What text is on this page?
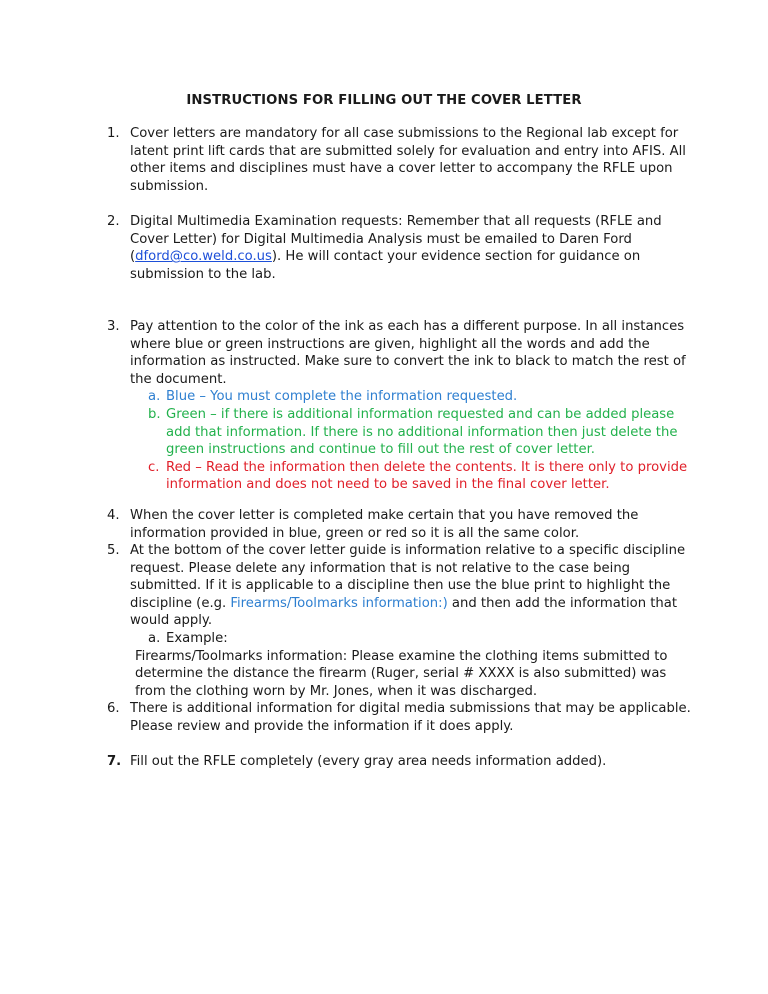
INSTRUCTIONS FOR FILLING OUT THE COVER LETTER
1. Cover letters are mandatory for all case submissions to the Regional lab except for latent print lift cards that are submitted solely for evaluation and entry into AFIS. All other items and disciplines must have a cover letter to accompany the RFLE upon submission.
2. Digital Multimedia Examination requests: Remember that all requests (RFLE and Cover Letter) for Digital Multimedia Analysis must be emailed to Daren Ford (dford@co.weld.co.us). He will contact your evidence section for guidance on submission to the lab.
3. Pay attention to the color of the ink as each has a different purpose. In all instances where blue or green instructions are given, highlight all the words and add the information as instructed. Make sure to convert the ink to black to match the rest of the document.
a. Blue – You must complete the information requested.
b. Green – if there is additional information requested and can be added please add that information. If there is no additional information then just delete the green instructions and continue to fill out the rest of cover letter.
c. Red – Read the information then delete the contents. It is there only to provide information and does not need to be saved in the final cover letter.
4. When the cover letter is completed make certain that you have removed the information provided in blue, green or red so it is all the same color.
5. At the bottom of the cover letter guide is information relative to a specific discipline request. Please delete any information that is not relative to the case being submitted. If it is applicable to a discipline then use the blue print to highlight the discipline (e.g. Firearms/Toolmarks information:) and then add the information that would apply.
a. Example:
Firearms/Toolmarks information: Please examine the clothing items submitted to determine the distance the firearm (Ruger, serial # XXXX is also submitted) was from the clothing worn by Mr. Jones, when it was discharged.
6. There is additional information for digital media submissions that may be applicable. Please review and provide the information if it does apply.
7. Fill out the RFLE completely (every gray area needs information added).
